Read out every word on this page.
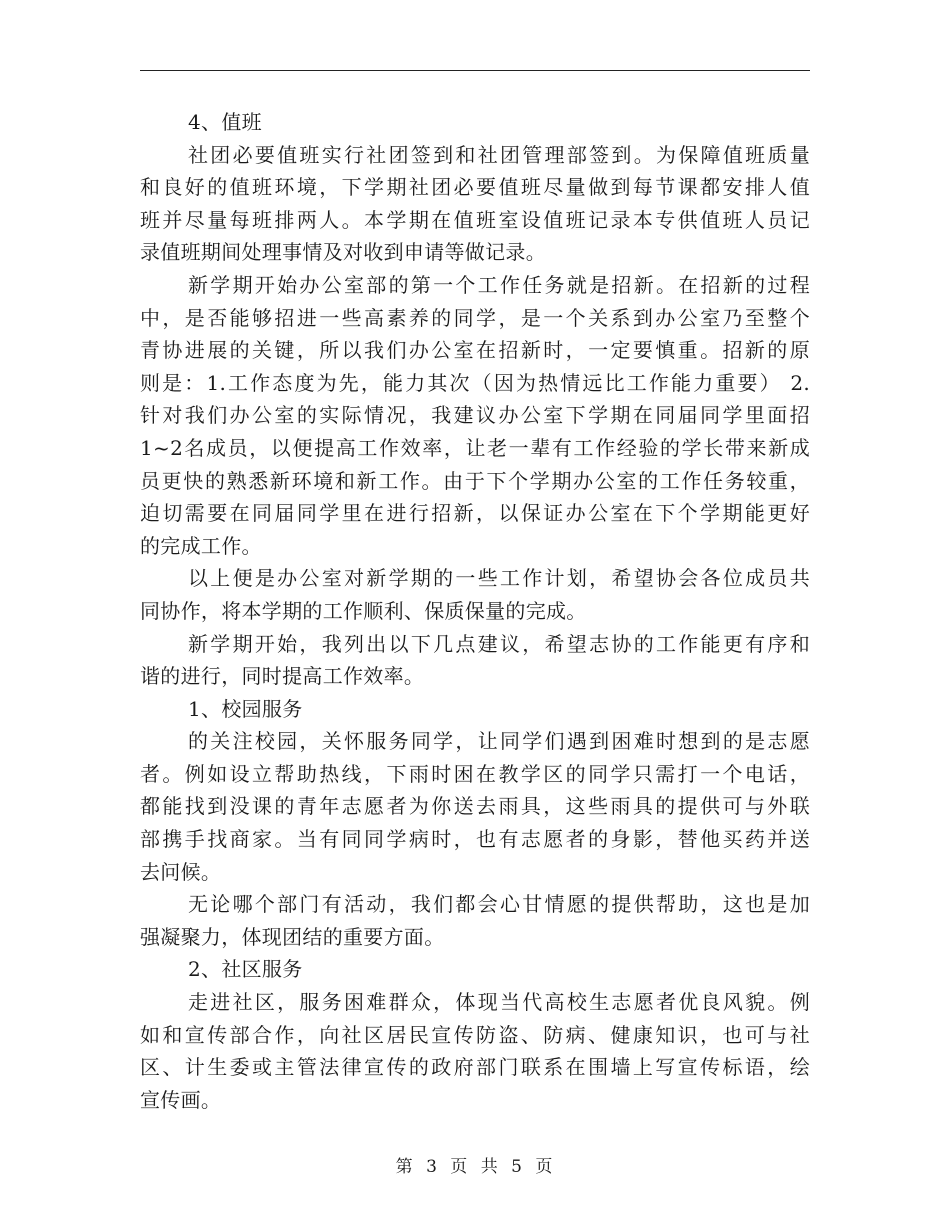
4、值班
社团必要值班实行社团签到和社团管理部签到。为保障值班质量
和良好的值班环境，下学期社团必要值班尽量做到每节课都安排人值
班并尽量每班排两人。本学期在值班室设值班记录本专供值班人员记
录值班期间处理事情及对收到申请等做记录。
新学期开始办公室部的第一个工作任务就是招新。在招新的过程
中，是否能够招进一些高素养的同学，是一个关系到办公室乃至整个
青协进展的关键，所以我们办公室在招新时，一定要慎重。招新的原
则是：1.工作态度为先，能力其次（因为热情远比工作能力重要） 2.
针对我们办公室的实际情况，我建议办公室下学期在同届同学里面招
1~2名成员，以便提高工作效率，让老一辈有工作经验的学长带来新成
员更快的熟悉新环境和新工作。由于下个学期办公室的工作任务较重，
迫切需要在同届同学里在进行招新，以保证办公室在下个学期能更好
的完成工作。
以上便是办公室对新学期的一些工作计划，希望协会各位成员共
同协作，将本学期的工作顺利、保质保量的完成。
新学期开始，我列出以下几点建议，希望志协的工作能更有序和
谐的进行，同时提高工作效率。
1、校园服务
的关注校园，关怀服务同学，让同学们遇到困难时想到的是志愿
者。例如设立帮助热线，下雨时困在教学区的同学只需打一个电话，
都能找到没课的青年志愿者为你送去雨具，这些雨具的提供可与外联
部携手找商家。当有同同学病时，也有志愿者的身影，替他买药并送
去问候。
无论哪个部门有活动，我们都会心甘情愿的提供帮助，这也是加
强凝聚力，体现团结的重要方面。
2、社区服务
走进社区，服务困难群众，体现当代高校生志愿者优良风貌。例
如和宣传部合作，向社区居民宣传防盗、防病、健康知识，也可与社
区、计生委或主管法律宣传的政府部门联系在围墙上写宣传标语，绘
宣传画。
第 3 页 共 5 页
